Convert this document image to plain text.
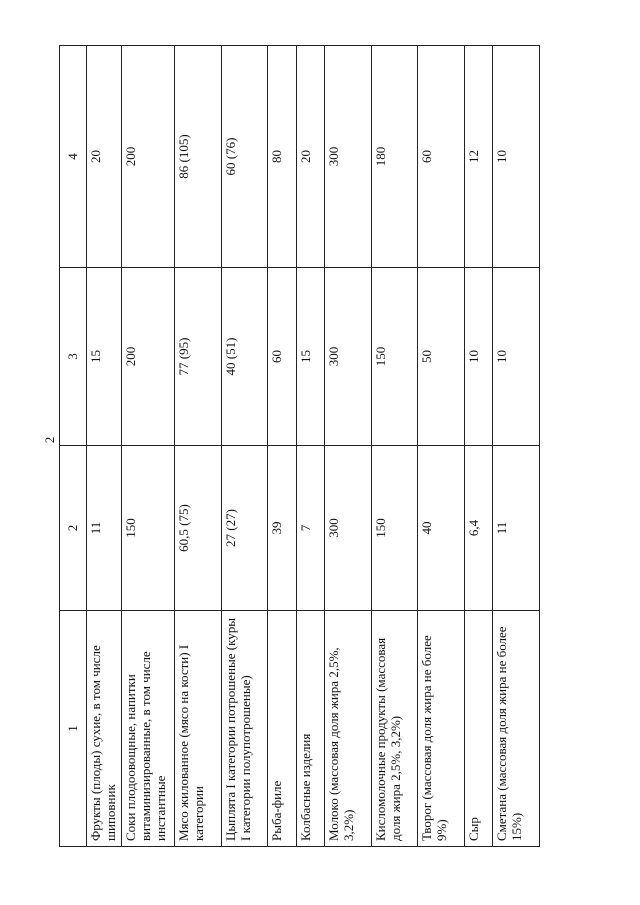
2
1	2	3	4
Фрукты (плоды) сухие, в том числе шиповник	11	15	20
Соки плодоовощные, напитки витаминизированные, в том числе инстантные	150	200	200
Мясо жилованное (мясо на кости) I категории	60,5 (75)	77 (95)	86 (105)
Цыплята I категории потрошеные (куры I категории полупотрошеные)	27 (27)	40 (51)	60 (76)
Рыба-филе	39	60	80
Колбасные изделия	7	15	20
Молоко (массовая доля жира 2,5%, 3,2%)	300	300	300
Кисломолочные продукты (массовая доля жира 2,5%, 3,2%)	150	150	180
Творог (массовая доля жира не более 9%)	40	50	60
Сыр	6,4	10	12
Сметана (массовая доля жира не более 15%)	11	10	10
